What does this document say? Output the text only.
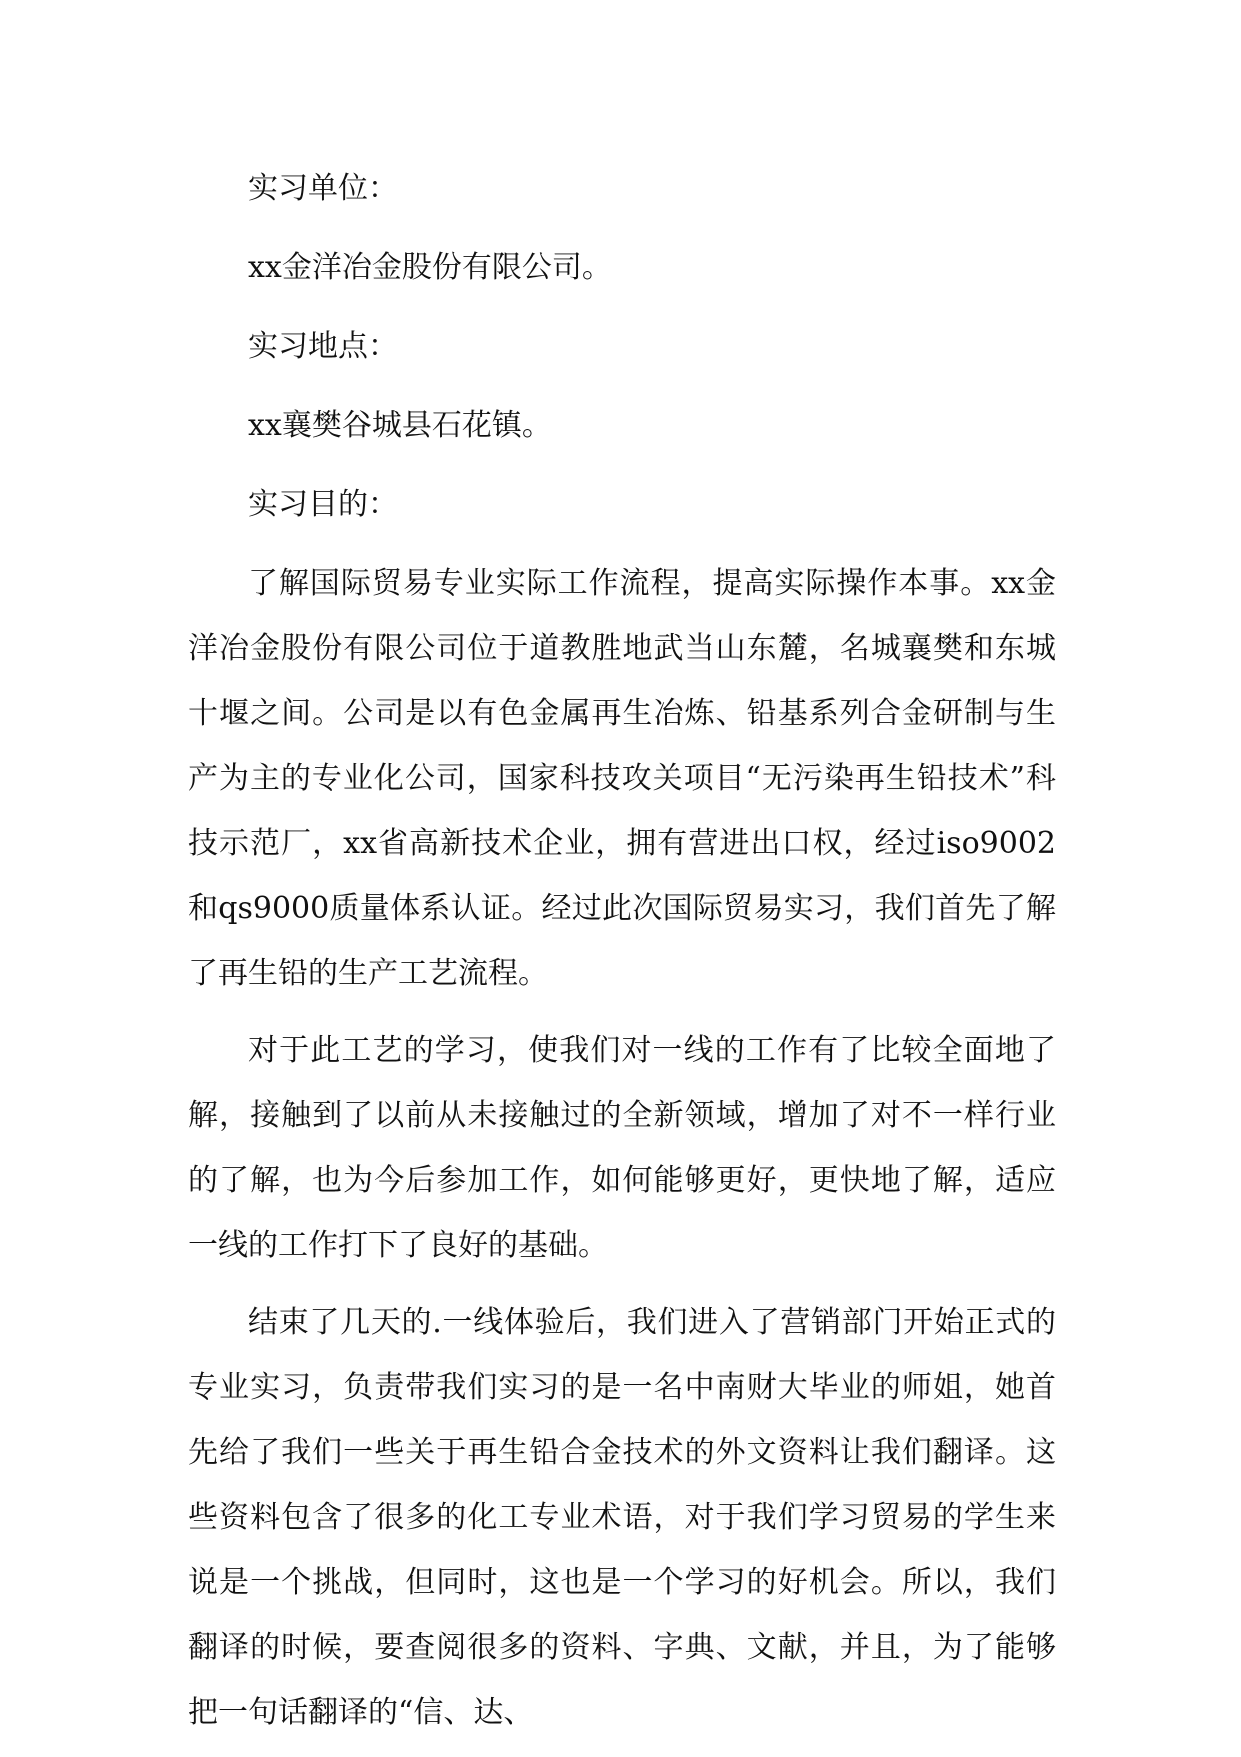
实习单位：

xx金洋冶金股份有限公司。

实习地点：

xx襄樊谷城县石花镇。

实习目的：

了解国际贸易专业实际工作流程，提高实际操作本事。xx金洋冶金股份有限公司位于道教胜地武当山东麓，名城襄樊和东城十堰之间。公司是以有色金属再生冶炼、铅基系列合金研制与生产为主的专业化公司，国家科技攻关项目“无污染再生铅技术”科技示范厂，xx省高新技术企业，拥有营进出口权，经过iso9002和qs9000质量体系认证。经过此次国际贸易实习，我们首先了解了再生铅的生产工艺流程。

对于此工艺的学习，使我们对一线的工作有了比较全面地了解，接触到了以前从未接触过的全新领域，增加了对不一样行业的了解，也为今后参加工作，如何能够更好，更快地了解，适应一线的工作打下了良好的基础。

结束了几天的.一线体验后，我们进入了营销部门开始正式的专业实习，负责带我们实习的是一名中南财大毕业的师姐，她首先给了我们一些关于再生铅合金技术的外文资料让我们翻译。这些资料包含了很多的化工专业术语，对于我们学习贸易的学生来说是一个挑战，但同时，这也是一个学习的好机会。所以，我们翻译的时候，要查阅很多的资料、字典、文献，并且，为了能够把一句话翻译的“信、达、
